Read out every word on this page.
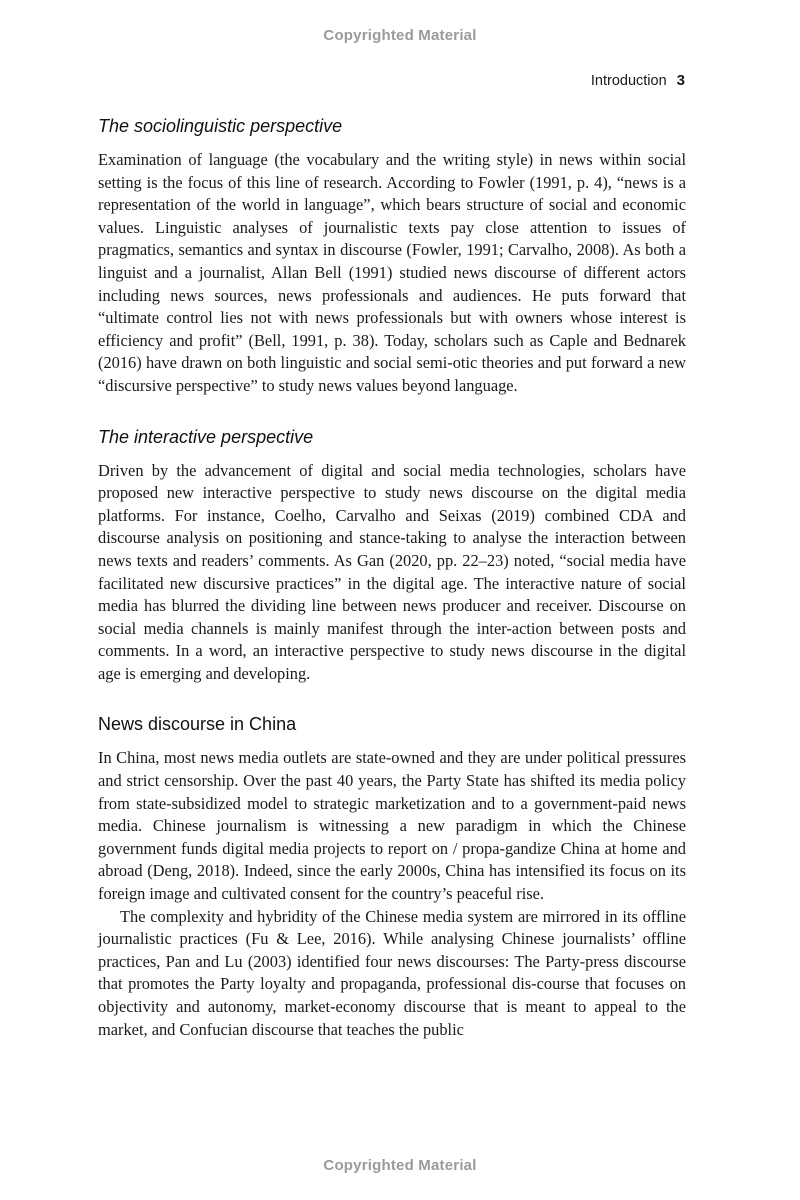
Copyrighted Material
Introduction 3
The sociolinguistic perspective

Examination of language (the vocabulary and the writing style) in news within social setting is the focus of this line of research. According to Fowler (1991, p. 4), “news is a representation of the world in language”, which bears structure of social and economic values. Linguistic analyses of journalistic texts pay close attention to issues of pragmatics, semantics and syntax in discourse (Fowler, 1991; Carvalho, 2008). As both a linguist and a journalist, Allan Bell (1991) studied news discourse of different actors including news sources, news professionals and audiences. He puts forward that “ultimate control lies not with news professionals but with owners whose interest is efficiency and profit” (Bell, 1991, p. 38). Today, scholars such as Caple and Bednarek (2016) have drawn on both linguistic and social semi-otic theories and put forward a new “discursive perspective” to study news values beyond language.

The interactive perspective

Driven by the advancement of digital and social media technologies, scholars have proposed new interactive perspective to study news discourse on the digital media platforms. For instance, Coelho, Carvalho and Seixas (2019) combined CDA and discourse analysis on positioning and stance-taking to analyse the interaction between news texts and readers’ comments. As Gan (2020, pp. 22–23) noted, “social media have facilitated new discursive practices” in the digital age. The interactive nature of social media has blurred the dividing line between news producer and receiver. Discourse on social media channels is mainly manifest through the inter-action between posts and comments. In a word, an interactive perspective to study news discourse in the digital age is emerging and developing.

News discourse in China

In China, most news media outlets are state-owned and they are under political pressures and strict censorship. Over the past 40 years, the Party State has shifted its media policy from state-subsidized model to strategic marketization and to a government-paid news media. Chinese journalism is witnessing a new paradigm in which the Chinese government funds digital media projects to report on / propa-gandize China at home and abroad (Deng, 2018). Indeed, since the early 2000s, China has intensified its focus on its foreign image and cultivated consent for the country’s peaceful rise.

The complexity and hybridity of the Chinese media system are mirrored in its offline journalistic practices (Fu & Lee, 2016). While analysing Chinese journalists’ offline practices, Pan and Lu (2003) identified four news discourses: The Party-press discourse that promotes the Party loyalty and propaganda, professional dis-course that focuses on objectivity and autonomy, market-economy discourse that is meant to appeal to the market, and Confucian discourse that teaches the public

Copyrighted Material
